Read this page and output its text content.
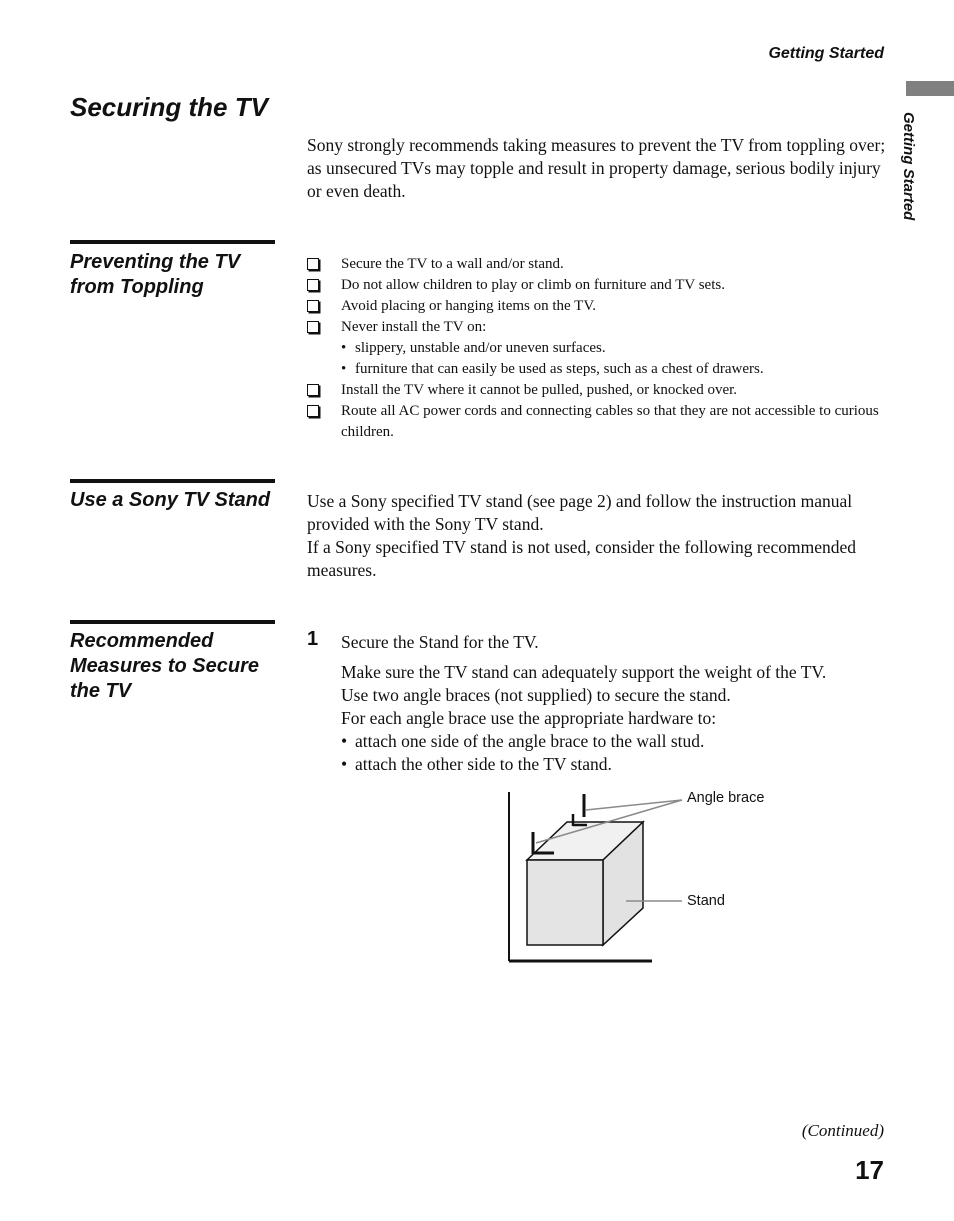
Getting Started
Getting Started
Securing the TV

Sony strongly recommends taking measures to prevent the TV from toppling over; as unsecured TVs may topple and result in property damage, serious bodily injury or even death.

Preventing the TV from Toppling
Secure the TV to a wall and/or stand.
Do not allow children to play or climb on furniture and TV sets.
Avoid placing or hanging items on the TV.
Never install the TV on:
• slippery, unstable and/or uneven surfaces.
• furniture that can easily be used as steps, such as a chest of drawers.
Install the TV where it cannot be pulled, pushed, or knocked over.
Route all AC power cords and connecting cables so that they are not accessible to curious children.
Use a Sony TV Stand Use a Sony specified TV stand (see page 2) and follow the instruction manual provided with the Sony TV stand.
If a Sony specified TV stand is not used, consider the following recommended measures.
Recommended Measures to Secure the TV
1 Secure the Stand for the TV.
Make sure the TV stand can adequately support the weight of the TV.
Use two angle braces (not supplied) to secure the stand.
For each angle brace use the appropriate hardware to:
• attach one side of the angle brace to the wall stud.
• attach the other side to the TV stand.
Angle brace
Stand
(Continued)
17
